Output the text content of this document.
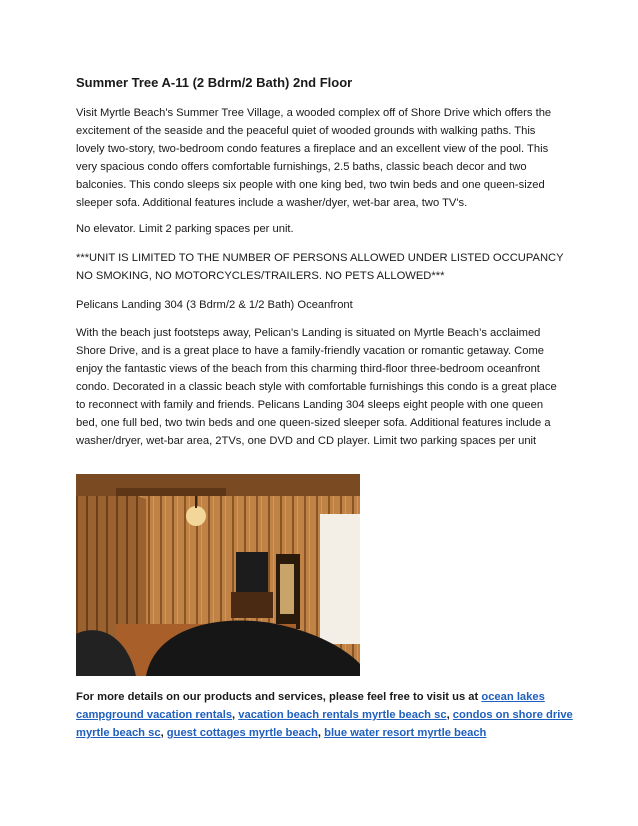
Summer Tree A-11 (2 Bdrm/2 Bath) 2nd Floor

Visit Myrtle Beach's Summer Tree Village, a wooded complex off of Shore Drive which offers the excitement of the seaside and the peaceful quiet of wooded grounds with walking paths. This lovely two-story, two-bedroom condo features a fireplace and an excellent view of the pool. This very spacious condo offers comfortable furnishings, 2.5 baths, classic beach decor and two balconies. This condo sleeps six people with one king bed, two twin beds and one queen-sized sleeper sofa. Additional features include a washer/dyer, wet-bar area, two TV's.

No elevator. Limit 2 parking spaces per unit.

***UNIT IS LIMITED TO THE NUMBER OF PERSONS ALLOWED UNDER LISTED OCCUPANCY NO SMOKING, NO MOTORCYCLES/TRAILERS. NO PETS ALLOWED***

Pelicans Landing 304 (3 Bdrm/2 & 1/2 Bath) Oceanfront

With the beach just footsteps away, Pelican's Landing is situated on Myrtle Beach’s acclaimed Shore Drive, and is a great place to have a family-friendly vacation or romantic getaway. Come enjoy the fantastic views of the beach from this charming third-floor three-bedroom oceanfront condo. Decorated in a classic beach style with comfortable furnishings this condo is a great place to reconnect with family and friends. Pelicans Landing 304 sleeps eight people with one queen bed, one full bed, two twin beds and one queen-sized sleeper sofa. Additional features include a washer/dryer, wet-bar area, 2TVs, one DVD and CD player. Limit two parking spaces per unit

For more details on our products and services, please feel free to visit us at ocean lakes campground vacation rentals, vacation beach rentals myrtle beach sc, condos on shore drive myrtle beach sc, guest cottages myrtle beach, blue water resort myrtle beach
